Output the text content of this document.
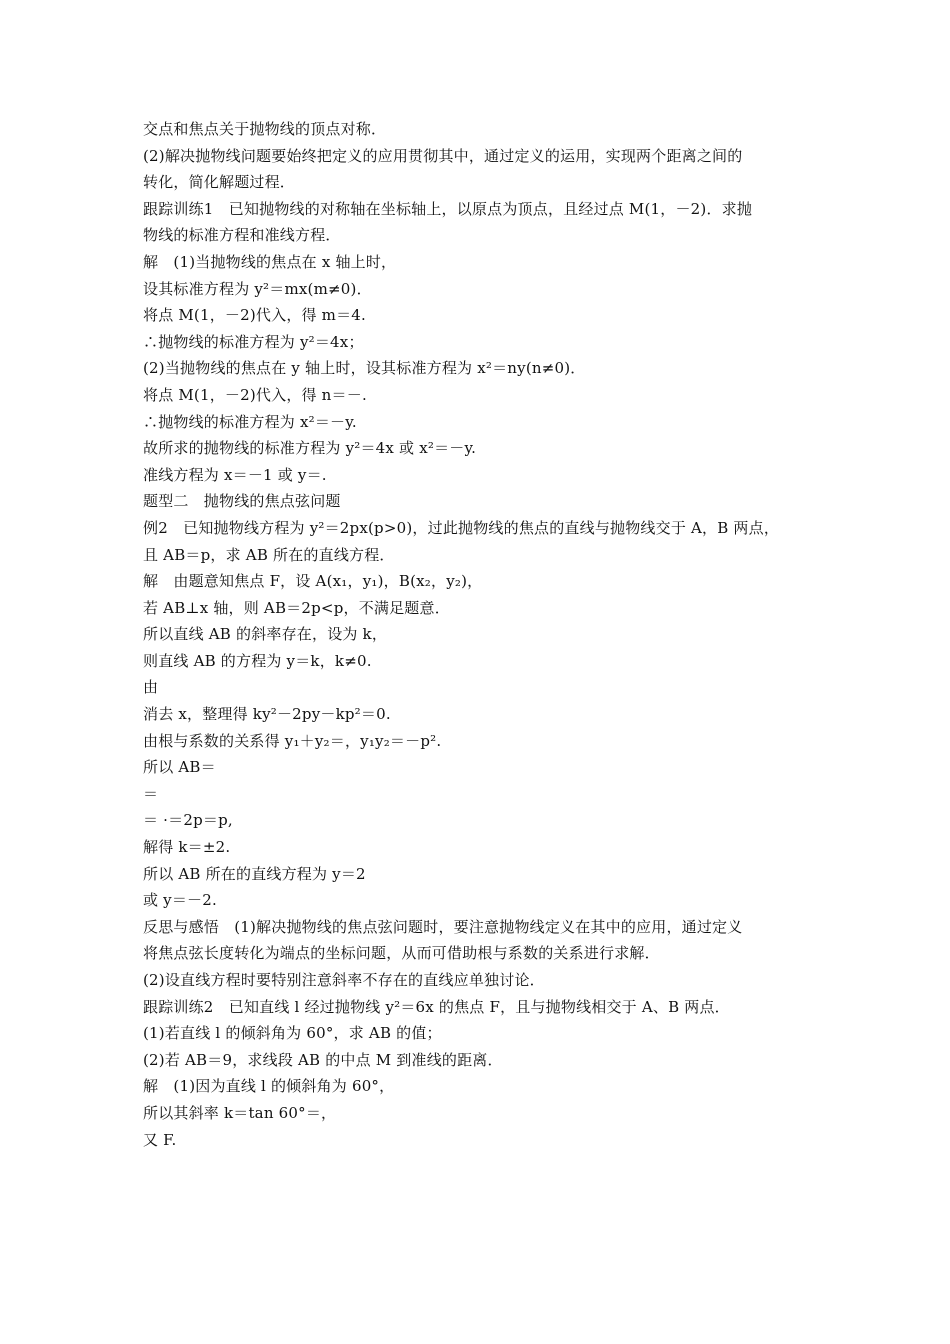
交点和焦点关于抛物线的顶点对称．
(2)解决抛物线问题要始终把定义的应用贯彻其中，通过定义的运用，实现两个距离之间的
转化，简化解题过程．
跟踪训练1　已知抛物线的对称轴在坐标轴上，以原点为顶点，且经过点 M(1，－2)．求抛
物线的标准方程和准线方程．
解　(1)当抛物线的焦点在 x 轴上时，
设其标准方程为 y²＝mx(m≠0)．
将点 M(1，－2)代入，得 m＝4.
∴抛物线的标准方程为 y²＝4x；
(2)当抛物线的焦点在 y 轴上时，设其标准方程为 x²＝ny(n≠0)．
将点 M(1，－2)代入，得 n＝－.
∴抛物线的标准方程为 x²＝－y.
故所求的抛物线的标准方程为 y²＝4x 或 x²＝－y.
准线方程为 x＝－1 或 y＝.
题型二　抛物线的焦点弦问题
例2　已知抛物线方程为 y²＝2px(p>0)，过此抛物线的焦点的直线与抛物线交于 A，B 两点，
且 AB＝p，求 AB 所在的直线方程．
解　由题意知焦点 F，设 A(x₁，y₁)，B(x₂，y₂)，
若 AB⊥x 轴，则 AB＝2p<p，不满足题意．
所以直线 AB 的斜率存在，设为 k，
则直线 AB 的方程为 y＝k，k≠0.
由
消去 x，整理得 ky²－2py－kp²＝0.
由根与系数的关系得 y₁＋y₂＝，y₁y₂＝－p².
所以 AB＝
＝
＝ ·＝2p＝p,
解得 k＝±2.
所以 AB 所在的直线方程为 y＝2
或 y＝－2.
反思与感悟　(1)解决抛物线的焦点弦问题时，要注意抛物线定义在其中的应用，通过定义
将焦点弦长度转化为端点的坐标问题，从而可借助根与系数的关系进行求解．
(2)设直线方程时要特别注意斜率不存在的直线应单独讨论．
跟踪训练2　已知直线 l 经过抛物线 y²＝6x 的焦点 F，且与抛物线相交于 A、B 两点．
(1)若直线 l 的倾斜角为 60°，求 AB 的值；
(2)若 AB＝9，求线段 AB 的中点 M 到准线的距离．
解　(1)因为直线 l 的倾斜角为 60°，
所以其斜率 k＝tan 60°＝，
又 F.
